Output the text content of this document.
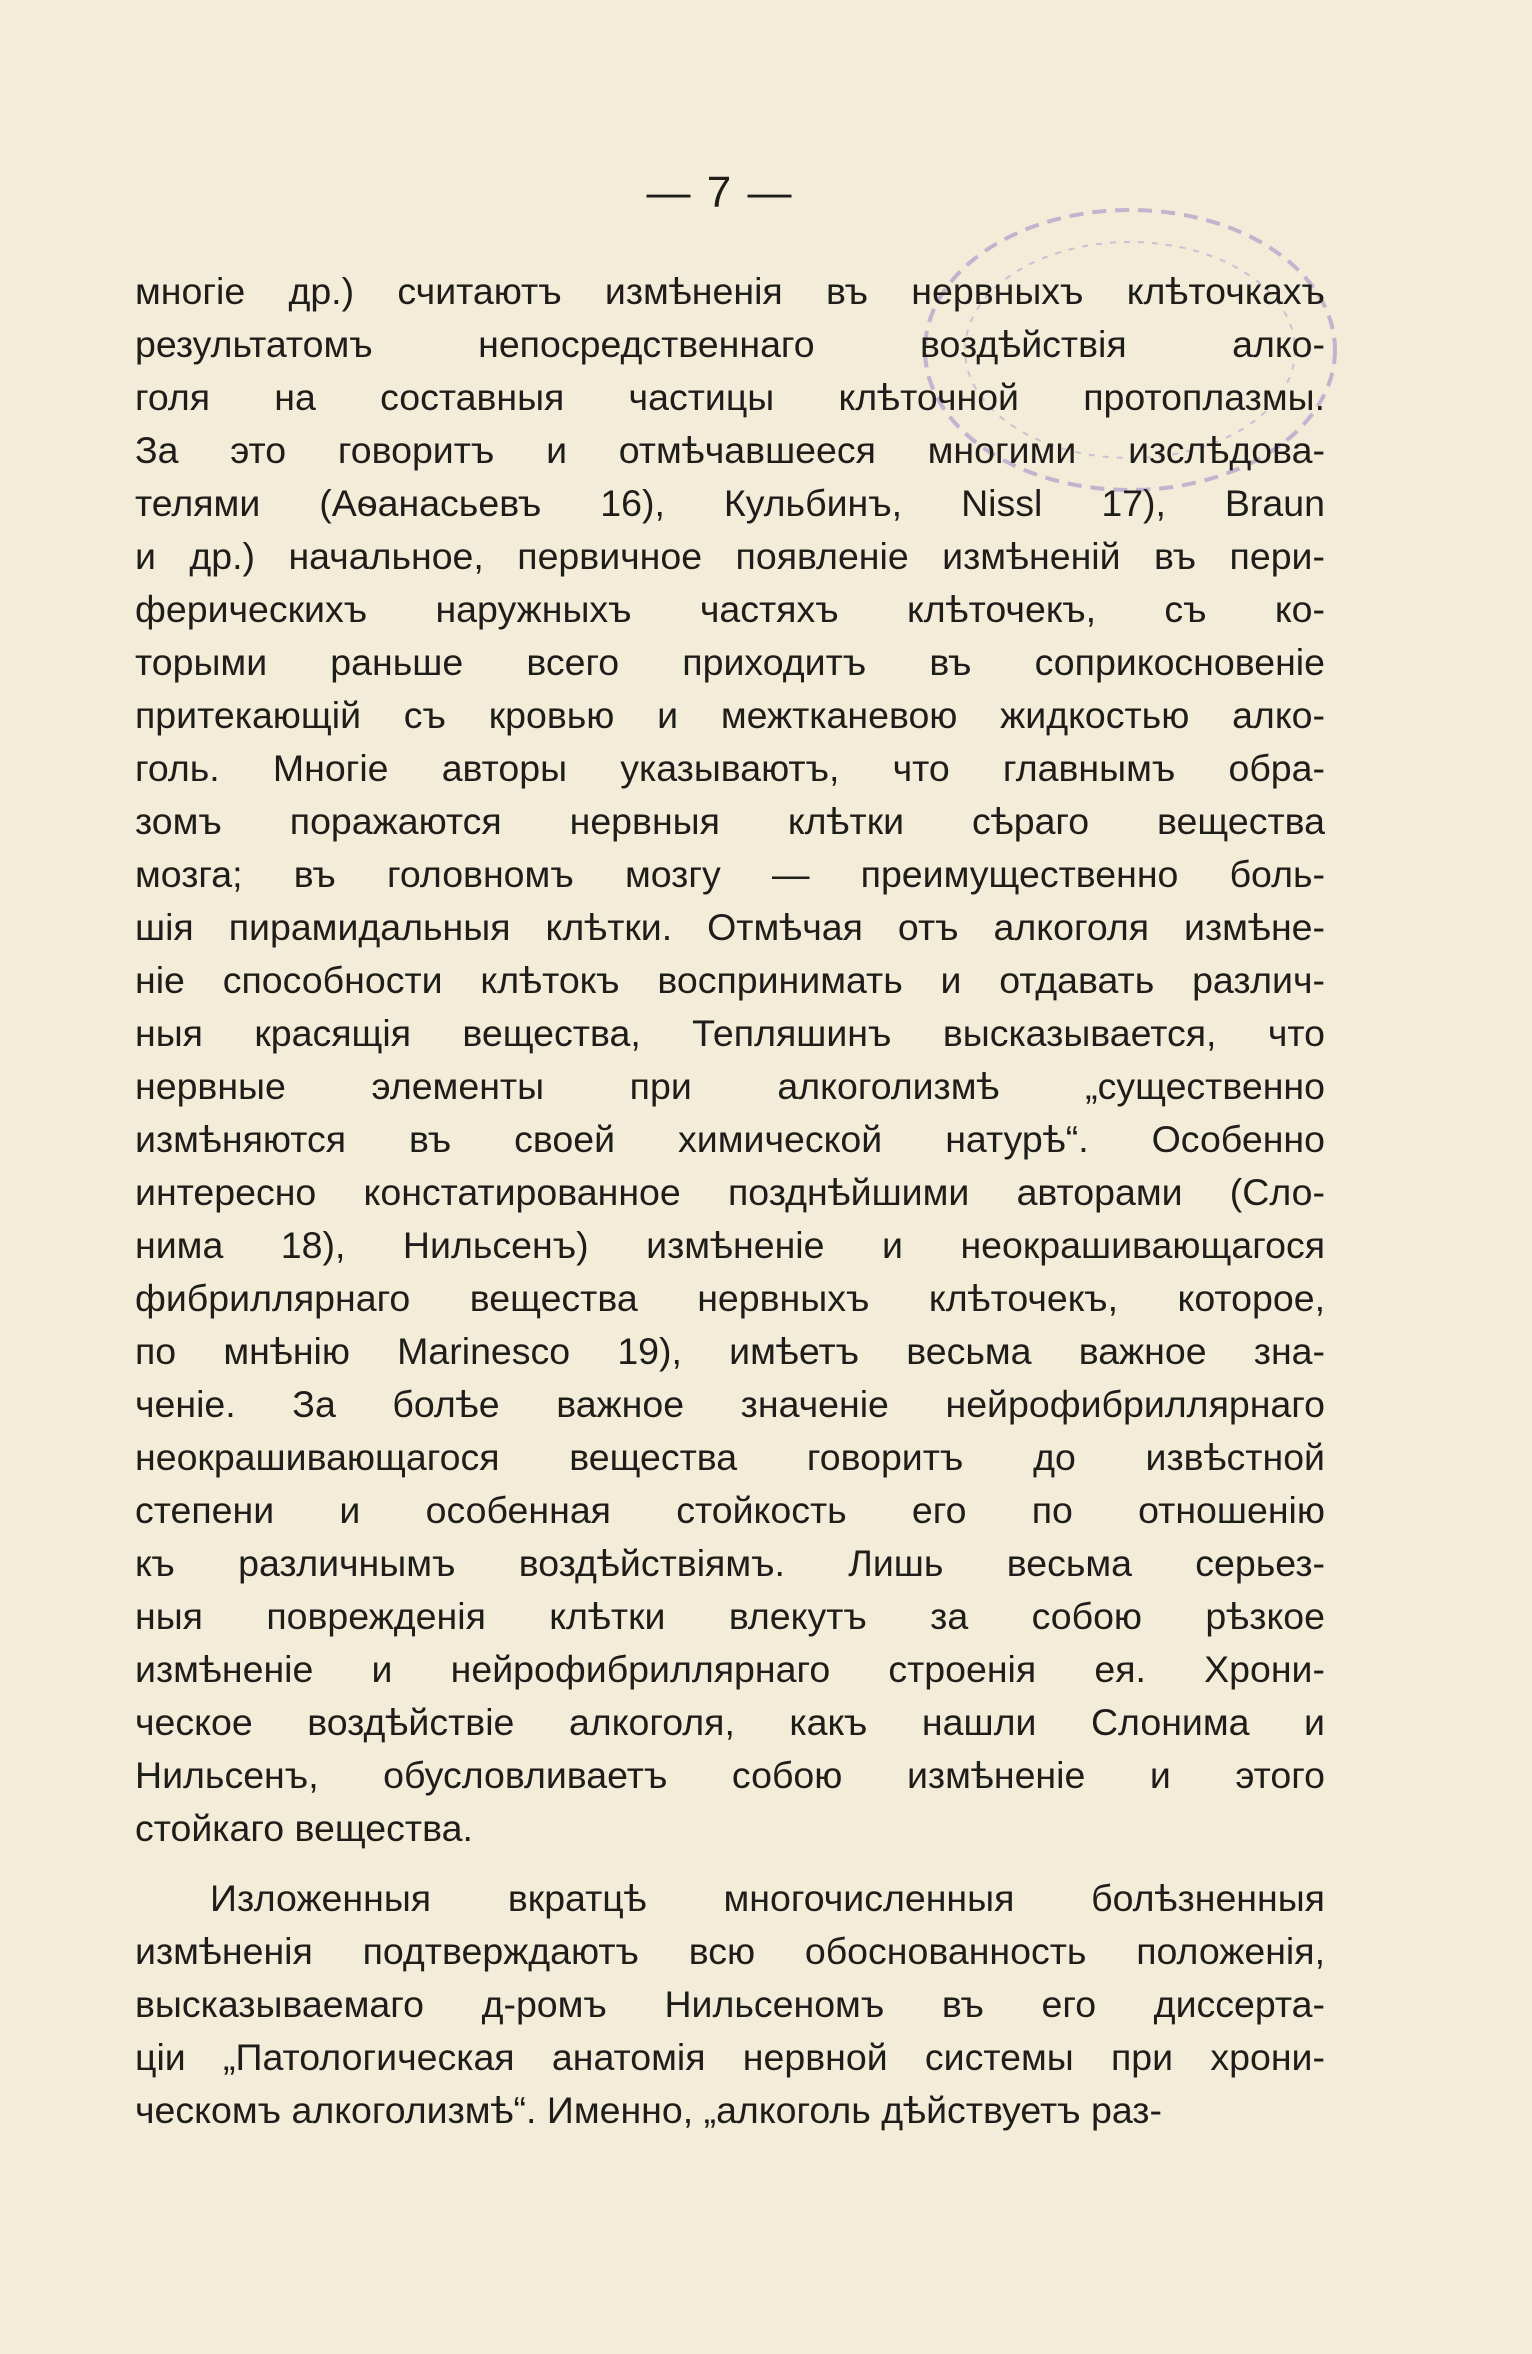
— 7 —
многіе др.) считаютъ измѣненія въ нервныхъ клѣточкахъ
результатомъ непосредственнаго воздѣйствія алко-
голя на составныя частицы клѣточной протоплазмы.
За это говоритъ и отмѣчавшееся многими изслѣдова-
телями (Аѳанасьевъ 16), Кульбинъ, Nissl 17), Braun
и др.) начальное, первичное появленіе измѣненій въ пери-
ферическихъ наружныхъ частяхъ клѣточекъ, съ ко-
торыми раньше всего приходитъ въ соприкосновеніе
притекающій съ кровью и межтканевою жидкостью алко-
голь. Многіе авторы указываютъ, что главнымъ обра-
зомъ поражаются нервныя клѣтки сѣраго вещества
мозга; въ головномъ мозгу — преимущественно боль-
шія пирамидальныя клѣтки. Отмѣчая отъ алкоголя измѣне-
ніе способности клѣтокъ воспринимать и отдавать различ-
ныя красящія вещества, Тепляшинъ высказывается, что
нервные элементы при алкоголизмѣ „существенно
измѣняются въ своей химической натурѣ“. Особенно
интересно констатированное позднѣйшими авторами (Сло-
нима 18), Нильсенъ) измѣненіе и неокрашивающагося
фибриллярнаго вещества нервныхъ клѣточекъ, которое,
по мнѣнію Marinesco 19), имѣетъ весьма важное зна-
ченіе. За болѣе важное значеніе нейрофибриллярнаго
неокрашивающагося вещества говоритъ до извѣстной
степени и особенная стойкость его по отношенію
къ различнымъ воздѣйствіямъ. Лишь весьма серьез-
ныя поврежденія клѣтки влекутъ за собою рѣзкое
измѣненіе и нейрофибриллярнаго строенія ея. Хрони-
ческое воздѣйствіе алкоголя, какъ нашли Слонима и
Нильсенъ, обусловливаетъ собою измѣненіе и этого
стойкаго вещества.
Изложенныя вкратцѣ многочисленныя болѣзненныя
измѣненія подтверждаютъ всю обоснованность положенія,
высказываемаго д-ромъ Нильсеномъ въ его диссерта-
ціи „Патологическая анатомія нервной системы при хрони-
ческомъ алкоголизмѣ“. Именно, „алкоголь дѣйствуетъ раз-
